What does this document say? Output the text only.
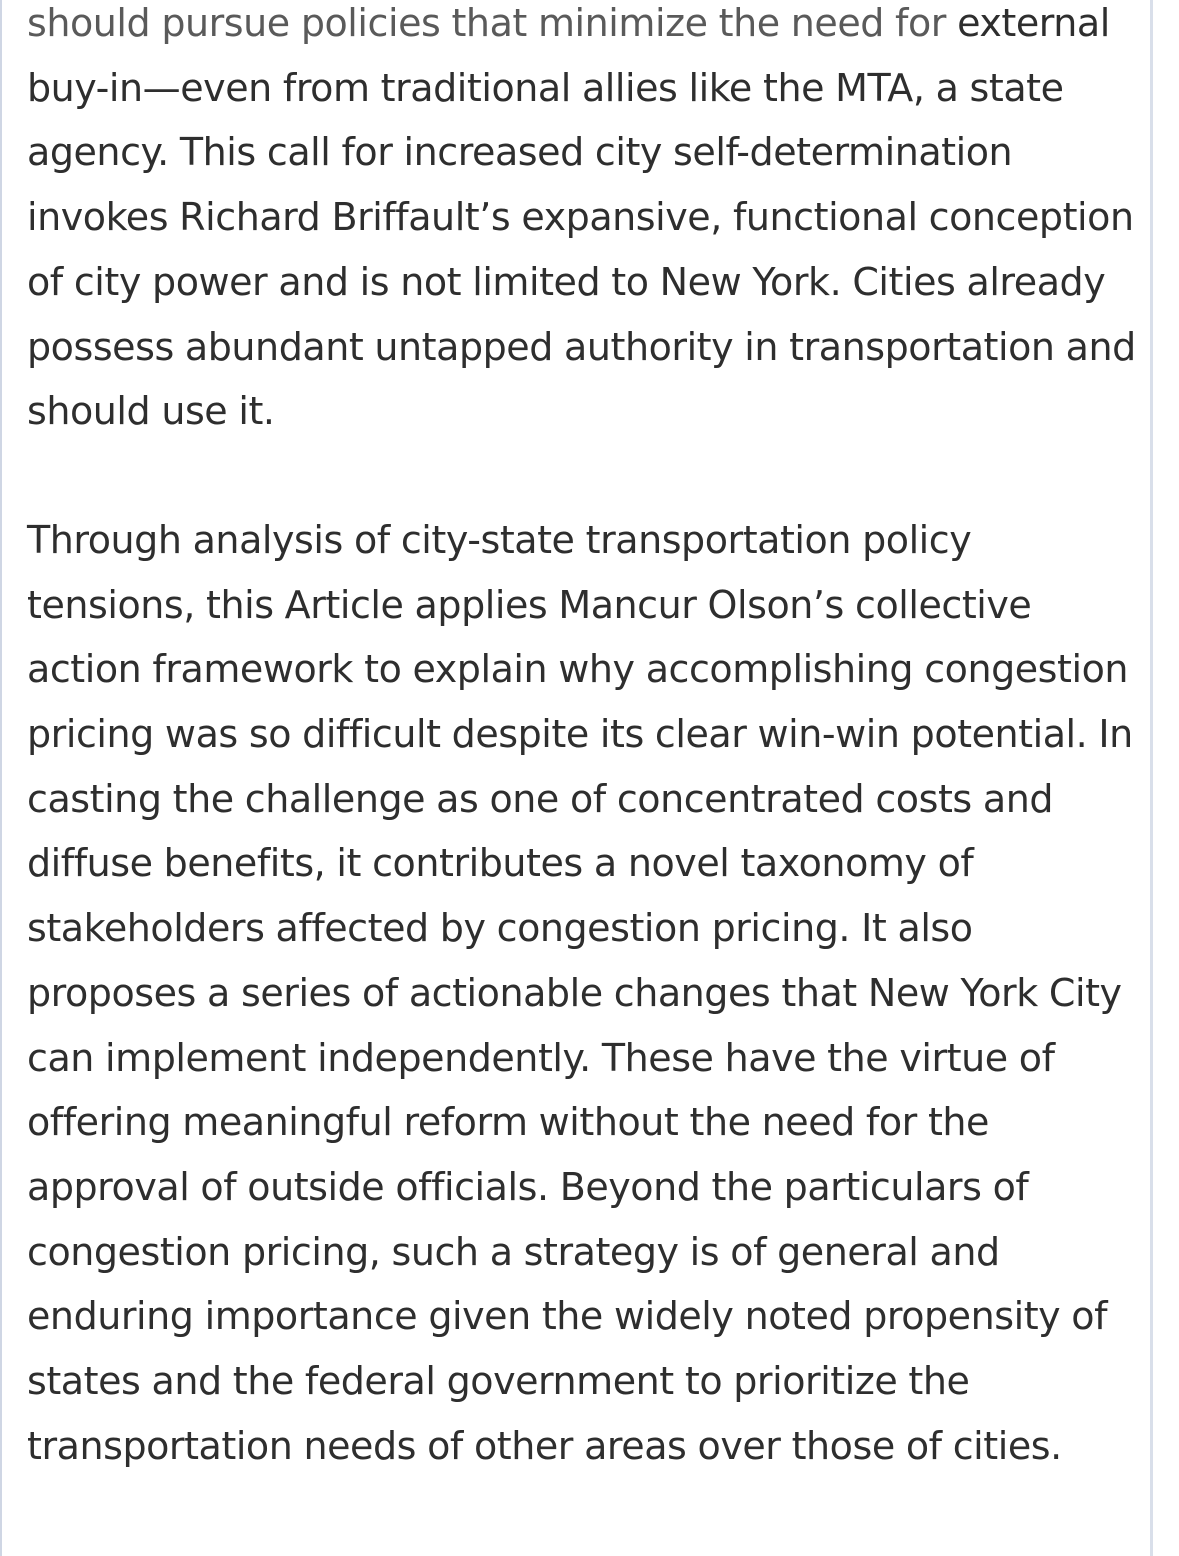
should pursue policies that minimize the need for external buy-in—even from traditional allies like the MTA, a state agency. This call for increased city self-determination invokes Richard Briffault’s expansive, functional conception of city power and is not limited to New York. Cities already possess abundant untapped authority in transportation and should use it.

Through analysis of city-state transportation policy tensions, this Article applies Mancur Olson’s collective action framework to explain why accomplishing congestion pricing was so difficult despite its clear win-win potential. In casting the challenge as one of concentrated costs and diffuse benefits, it contributes a novel taxonomy of stakeholders affected by congestion pricing. It also proposes a series of actionable changes that New York City can implement independently. These have the virtue of offering meaningful reform without the need for the approval of outside officials. Beyond the particulars of congestion pricing, such a strategy is of general and enduring importance given the widely noted propensity of states and the federal government to prioritize the transportation needs of other areas over those of cities.
